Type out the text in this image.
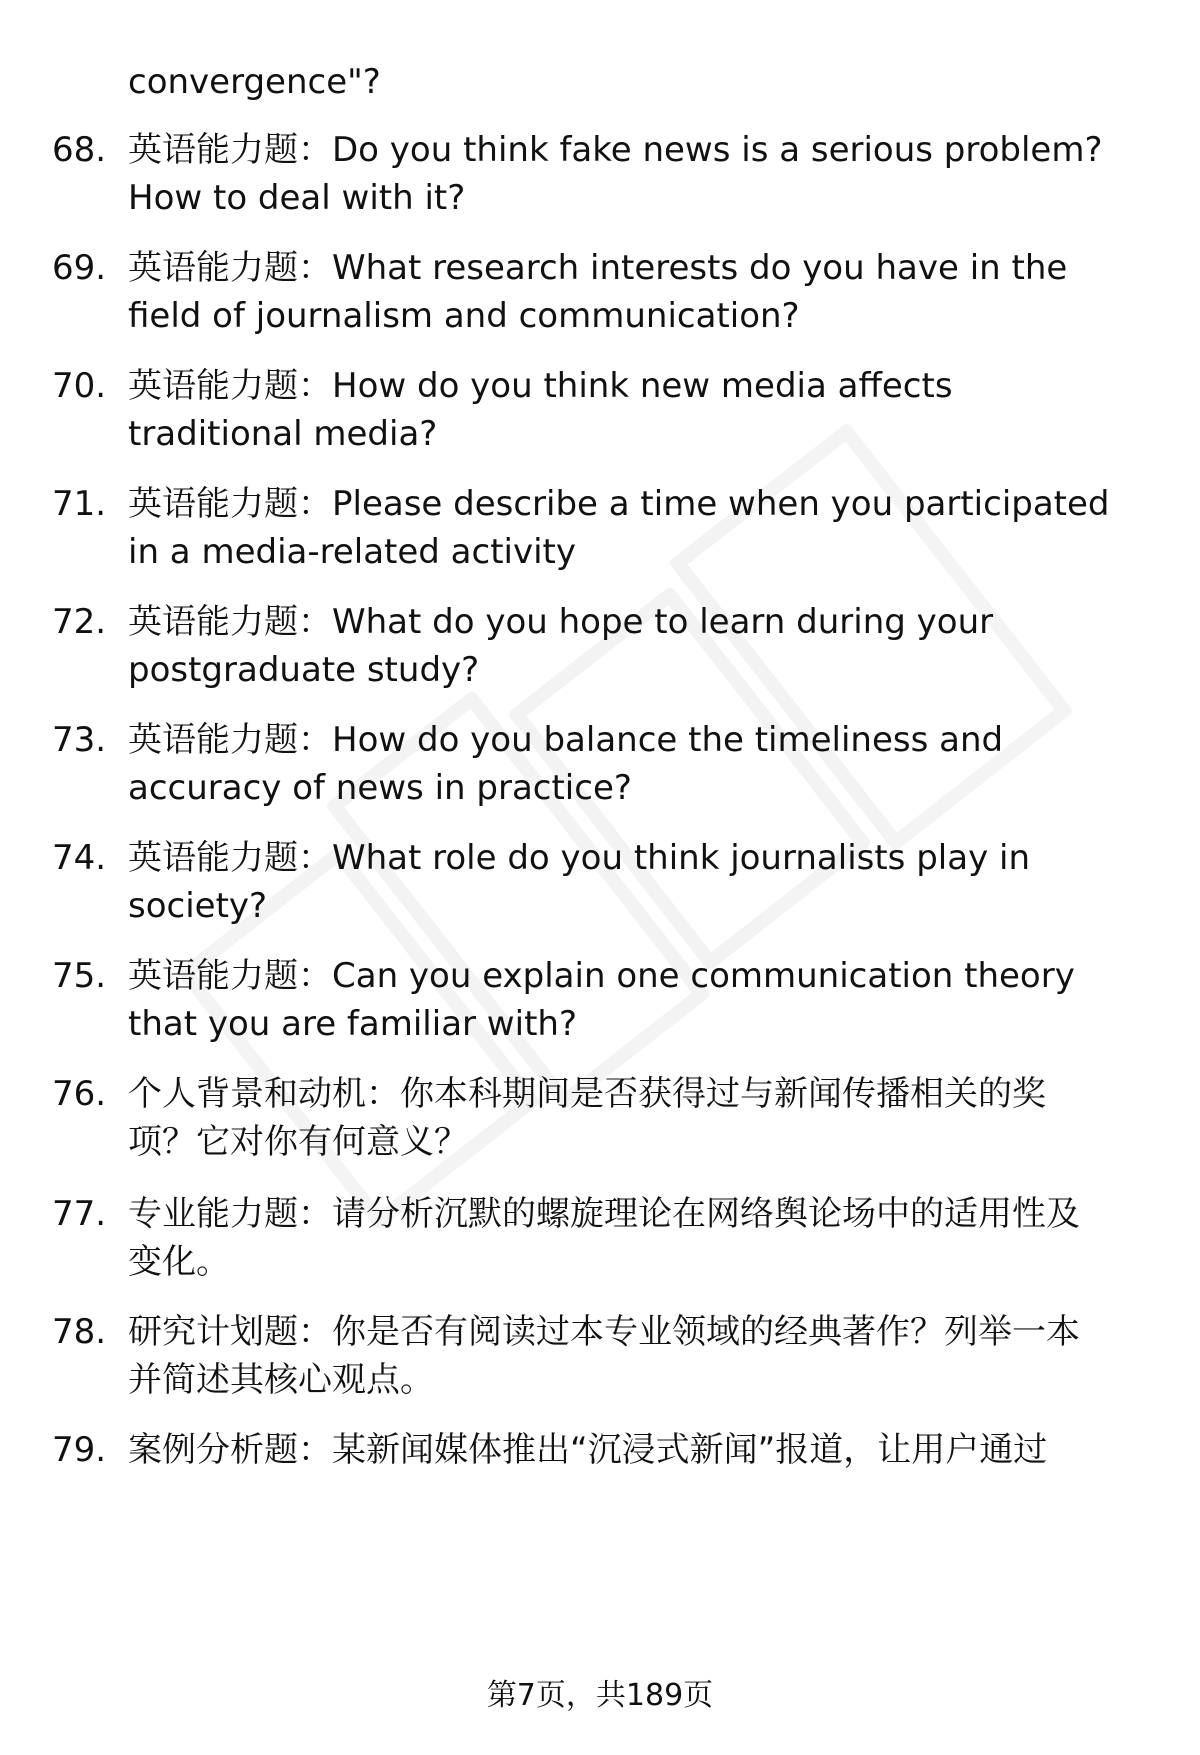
convergence"?
68. 英语能力题：Do you think fake news is a serious problem?
How to deal with it?
69. 英语能力题：What research interests do you have in the
field of journalism and communication?
70. 英语能力题：How do you think new media affects
traditional media?
71. 英语能力题：Please describe a time when you participated
in a media-related activity
72. 英语能力题：What do you hope to learn during your
postgraduate study?
73. 英语能力题：How do you balance the timeliness and
accuracy of news in practice?
74. 英语能力题：What role do you think journalists play in
society?
75. 英语能力题：Can you explain one communication theory
that you are familiar with?
76. 个人背景和动机：你本科期间是否获得过与新闻传播相关的奖
项？它对你有何意义？
77. 专业能力题：请分析沉默的螺旋理论在网络舆论场中的适用性及
变化。
78. 研究计划题：你是否有阅读过本专业领域的经典著作？列举一本
并简述其核心观点。
79. 案例分析题：某新闻媒体推出“沉浸式新闻”报道，让用户通过
第7页，共189页
